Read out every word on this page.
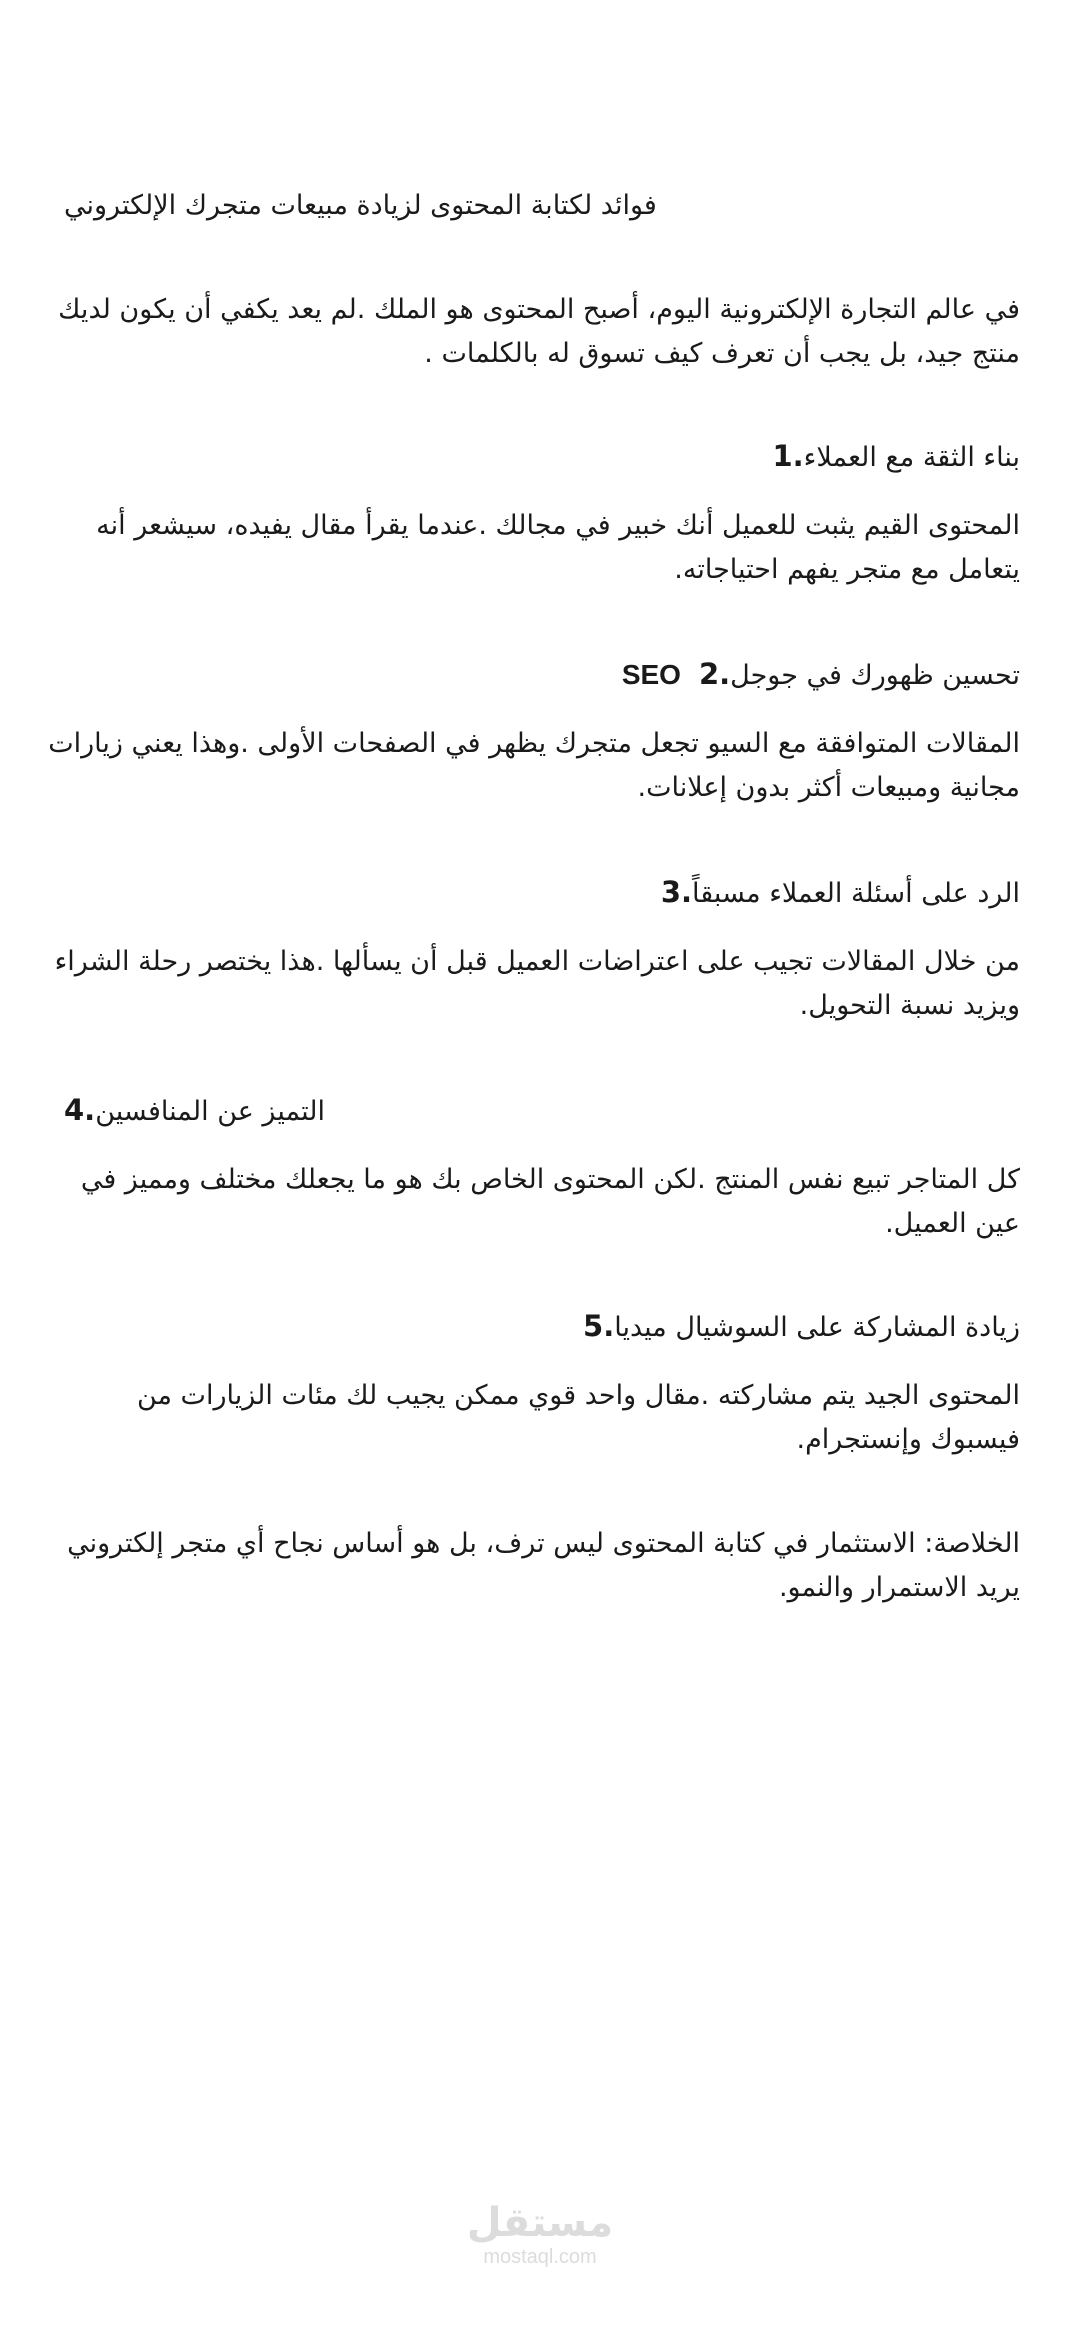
فوائد لكتابة المحتوى لزيادة مبيعات متجرك الإلكتروني
في عالم التجارة الإلكترونية اليوم، أصبح المحتوى هو الملك .لم يعد يكفي أن يكون لديك
منتج جيد، بل يجب أن تعرف كيف تسوق له بالكلمات .
بناء الثقة مع العملاء1.
المحتوى القيم يثبت للعميل أنك خبير في مجالك .عندما يقرأ مقال يفيده، سيشعر أنه
يتعامل مع متجر يفهم احتياجاته.
تحسين ظهورك في جوجل2.SEO
المقالات المتوافقة مع السيو تجعل متجرك يظهر في الصفحات الأولى .وهذا يعني زيارات
مجانية ومبيعات أكثر بدون إعلانات.
الرد على أسئلة العملاء مسبقاً3.
من خلال المقالات تجيب على اعتراضات العميل قبل أن يسألها .هذا يختصر رحلة الشراء
ويزيد نسبة التحويل.
التميز عن المنافسين4.
كل المتاجر تبيع نفس المنتج .لكن المحتوى الخاص بك هو ما يجعلك مختلف ومميز في
عين العميل.
زيادة المشاركة على السوشيال ميديا5.
المحتوى الجيد يتم مشاركته .مقال واحد قوي ممكن يجيب لك مئات الزيارات من
فيسبوك وإنستجرام.
الخلاصة: الاستثمار في كتابة المحتوى ليس ترف، بل هو أساس نجاح أي متجر إلكتروني
يريد الاستمرار والنمو.
مستقل
mostaql.com
